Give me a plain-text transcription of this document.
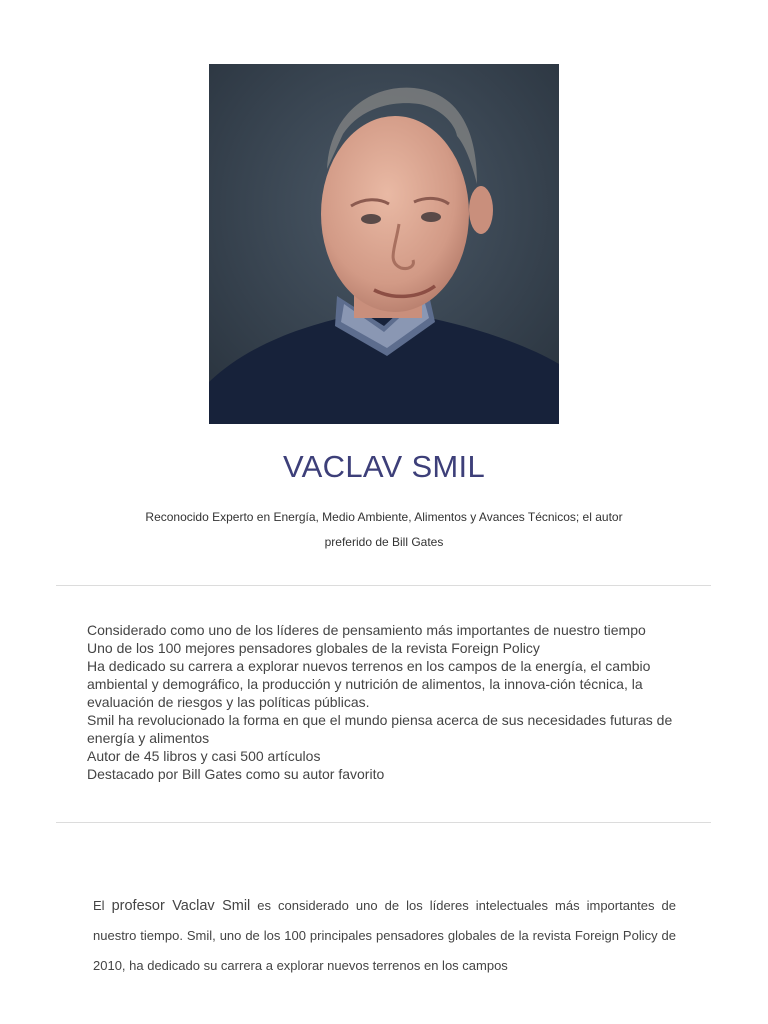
VACLAV SMIL
Reconocido Experto en Energía, Medio Ambiente, Alimentos y Avances Técnicos; el autor
preferido de Bill Gates
Considerado como uno de los líderes de pensamiento más importantes de nuestro tiempo
Uno de los 100 mejores pensadores globales de la revista Foreign Policy
Ha dedicado su carrera a explorar nuevos terrenos en los campos de la energía, el cambio ambiental y demográfico, la producción y nutrición de alimentos, la innova-ción técnica, la evaluación de riesgos y las políticas públicas.
Smil ha revolucionado la forma en que el mundo piensa acerca de sus necesidades futuras de energía y alimentos
Autor de 45 libros y casi 500 artículos
Destacado por Bill Gates como su autor favorito
El profesor Vaclav Smil es considerado uno de los líderes intelectuales más importantes de nuestro tiempo. Smil, uno de los 100 principales pensadores globales de la revista Foreign Policy de 2010, ha dedicado su carrera a explorar nuevos terrenos en los campos
